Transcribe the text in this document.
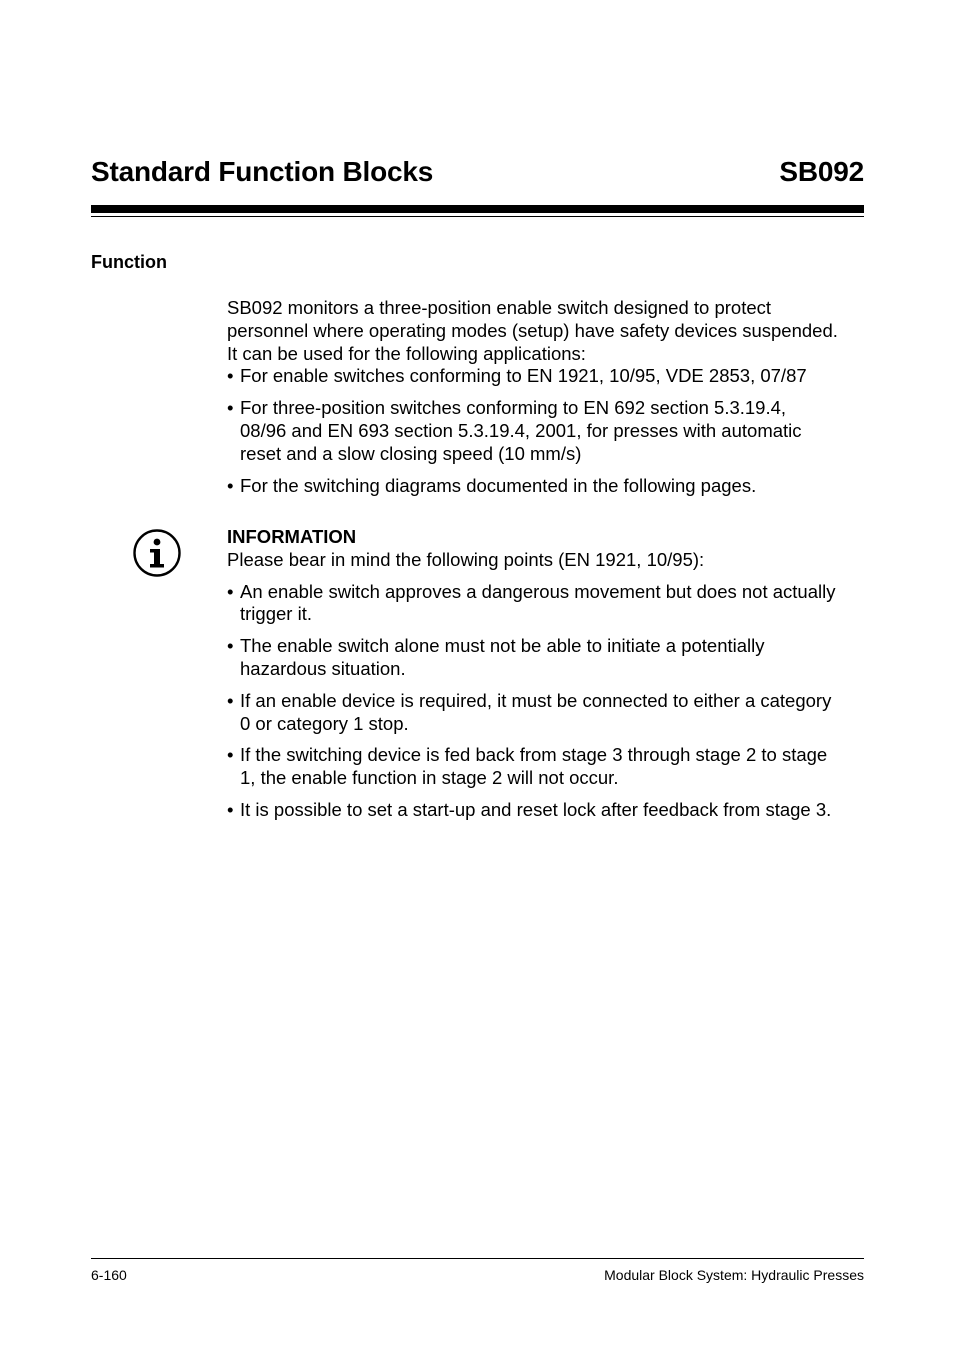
Standard Function Blocks	SB092
Function

SB092 monitors a three-position enable switch designed to protect
personnel where operating modes (setup) have safety devices suspended.
It can be used for the following applications:

• For enable switches conforming to EN 1921, 10/95, VDE 2853, 07/87

• For three-position switches conforming to EN 692 section 5.3.19.4,
08/96 and EN 693 section 5.3.19.4, 2001, for presses with automatic
reset and a slow closing speed (10 mm/s)

• For the switching diagrams documented in the following pages.

INFORMATION

Please bear in mind the following points (EN 1921, 10/95):

• An enable switch approves a dangerous movement but does not actually
trigger it.

• The enable switch alone must not be able to initiate a potentially
hazardous situation.

• If an enable device is required, it must be connected to either a category
0 or category 1 stop.

• If the switching device is fed back from stage 3 through stage 2 to stage
1, the enable function in stage 2 will not occur.

• It is possible to set a start-up and reset lock after feedback from stage 3.

6-160	Modular Block System: Hydraulic Presses
